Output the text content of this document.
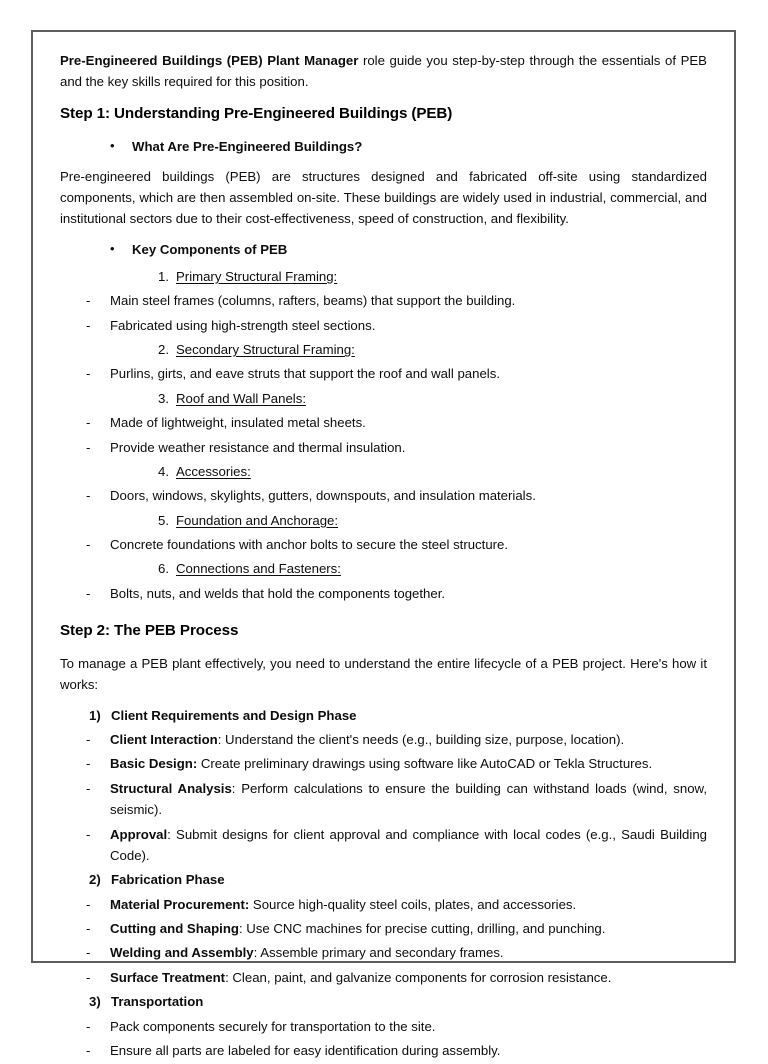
Pre-Engineered Buildings (PEB) Plant Manager role guide you step-by-step through the essentials of PEB and the key skills required for this position.

Step 1: Understanding Pre-Engineered Buildings (PEB)
•	What Are Pre-Engineered Buildings?

Pre-engineered buildings (PEB) are structures designed and fabricated off-site using standardized components, which are then assembled on-site. These buildings are widely used in industrial, commercial, and institutional sectors due to their cost-effectiveness, speed of construction, and flexibility.

•	Key Components of PEB
1. Primary Structural Framing:
-	Main steel frames (columns, rafters, beams) that support the building.
-	Fabricated using high-strength steel sections.
2. Secondary Structural Framing:
-	Purlins, girts, and eave struts that support the roof and wall panels.
3. Roof and Wall Panels:
-	Made of lightweight, insulated metal sheets.
-	Provide weather resistance and thermal insulation.
4. Accessories:
-	Doors, windows, skylights, gutters, downspouts, and insulation materials.
5. Foundation and Anchorage:
-	Concrete foundations with anchor bolts to secure the steel structure.
6. Connections and Fasteners:
-	Bolts, nuts, and welds that hold the components together.
Step 2: The PEB Process

To manage a PEB plant effectively, you need to understand the entire lifecycle of a PEB project. Here's how it works:

1) Client Requirements and Design Phase
-	Client Interaction: Understand the client's needs (e.g., building size, purpose, location).
-	Basic Design: Create preliminary drawings using software like AutoCAD or Tekla Structures.
-	Structural Analysis: Perform calculations to ensure the building can withstand loads (wind, snow, seismic).
-	Approval: Submit designs for client approval and compliance with local codes (e.g., Saudi Building Code).
2) Fabrication Phase
-	Material Procurement: Source high-quality steel coils, plates, and accessories.
-	Cutting and Shaping: Use CNC machines for precise cutting, drilling, and punching.
-	Welding and Assembly: Assemble primary and secondary frames.
-	Surface Treatment: Clean, paint, and galvanize components for corrosion resistance.
3) Transportation
-	Pack components securely for transportation to the site.
-	Ensure all parts are labeled for easy identification during assembly.
